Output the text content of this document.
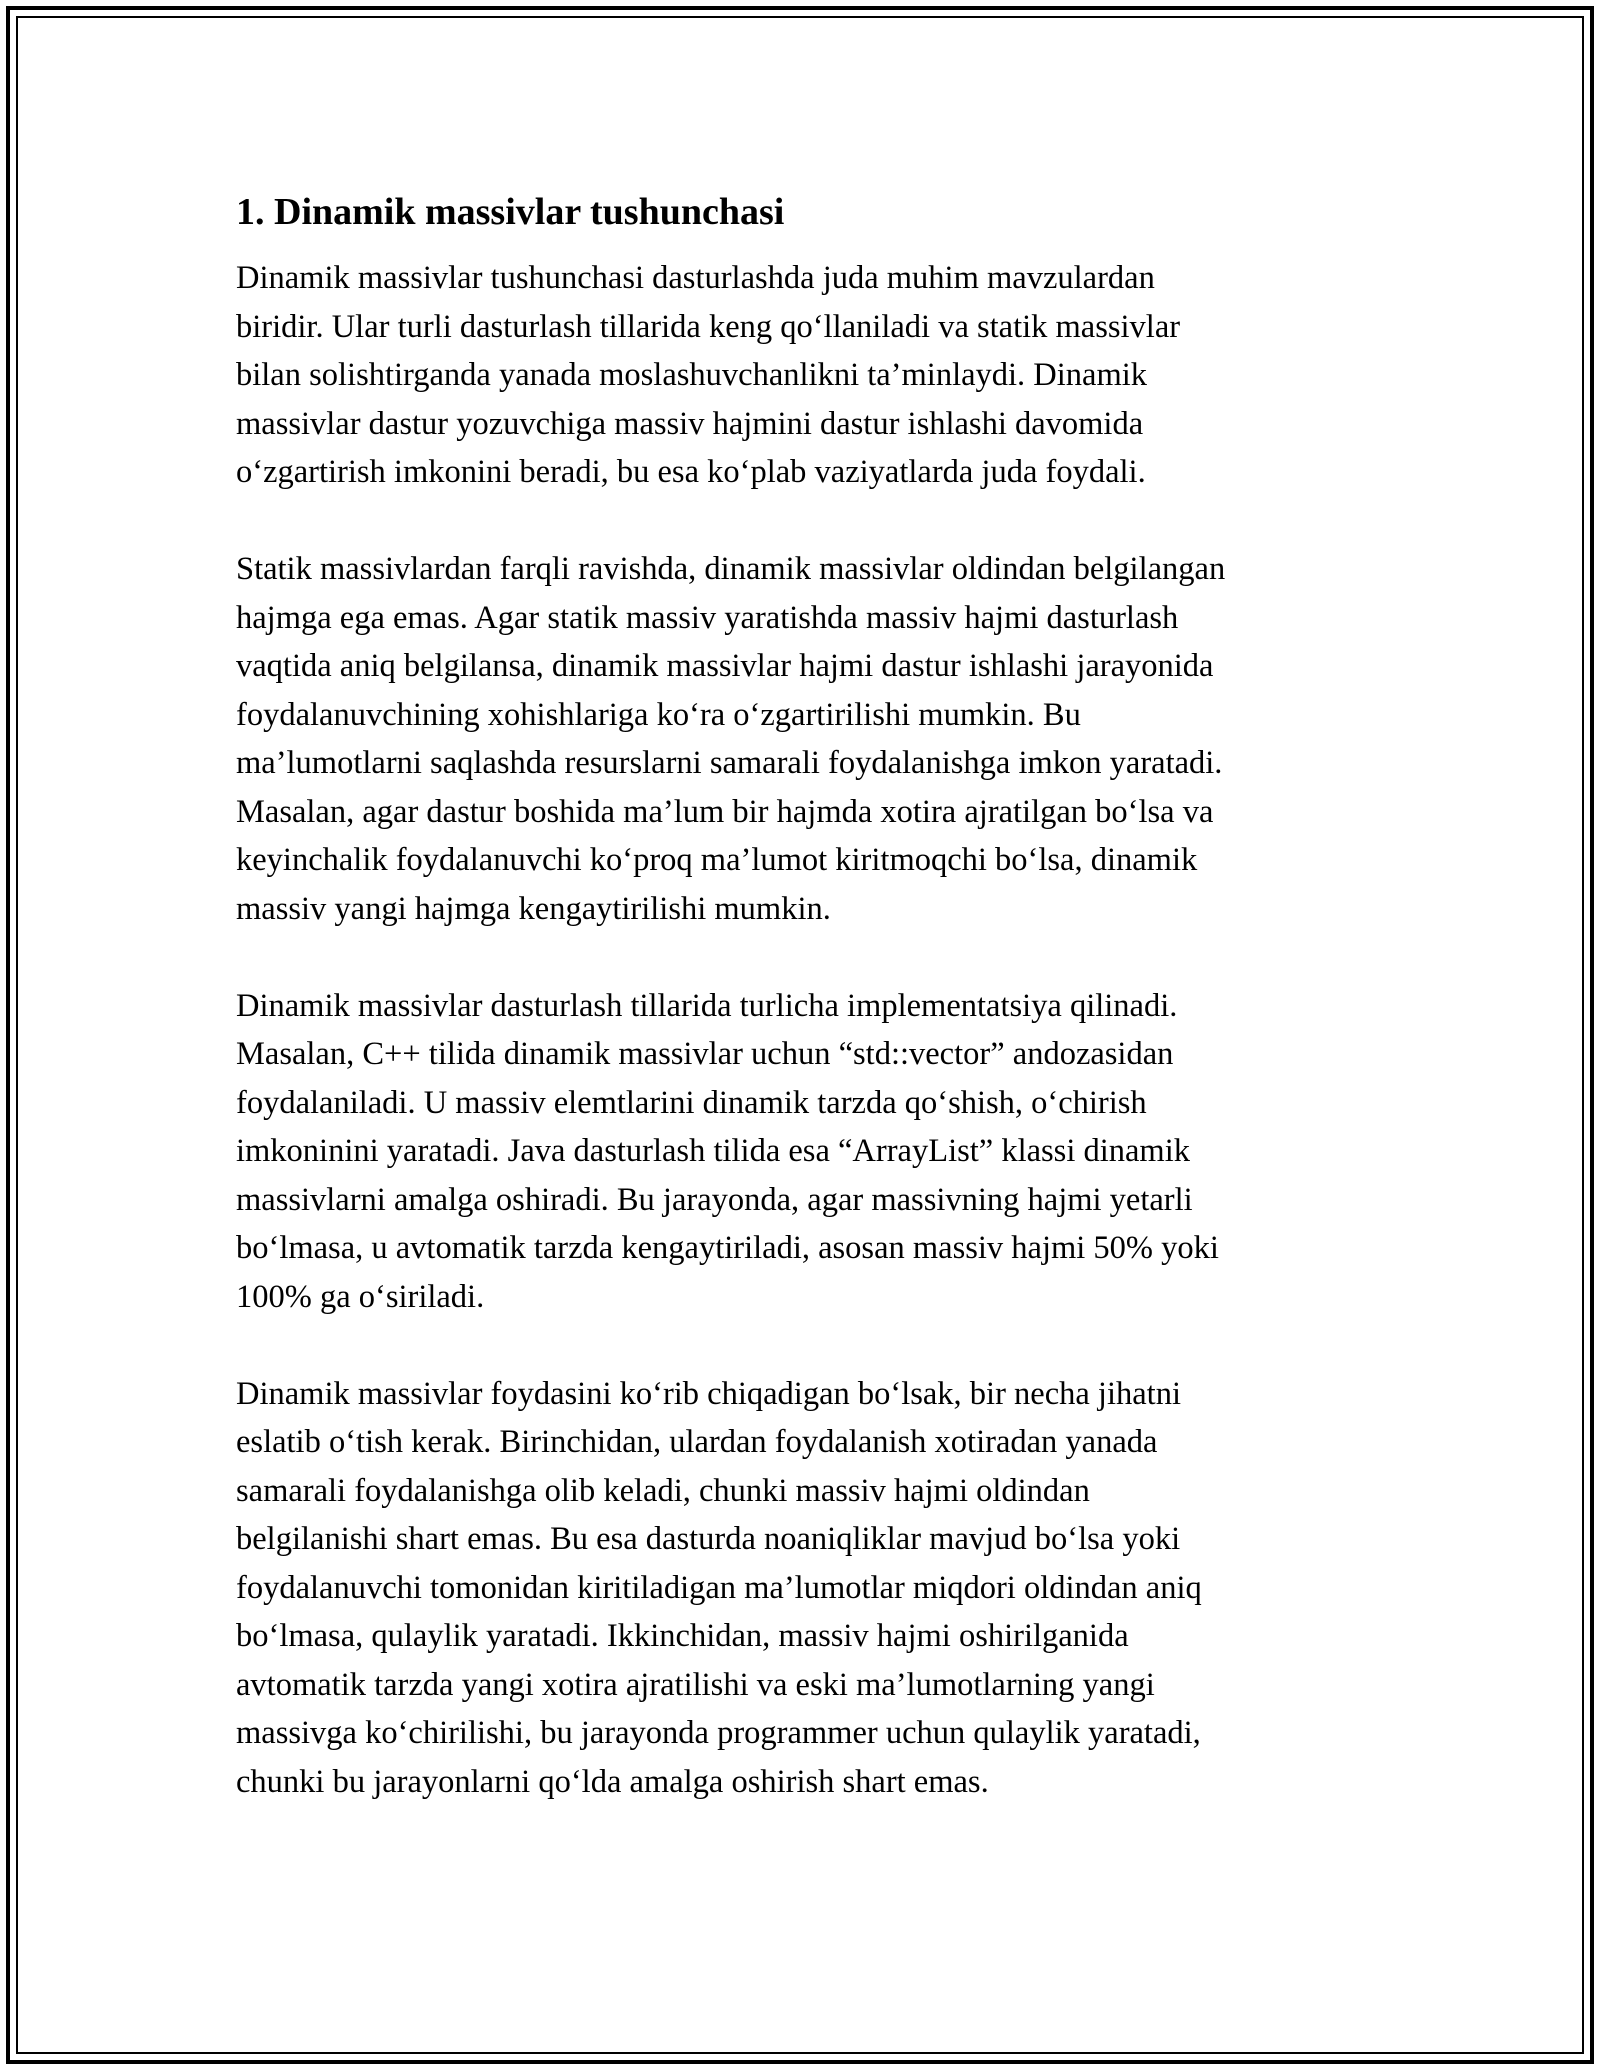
1. Dinamik massivlar tushunchasi

Dinamik massivlar tushunchasi dasturlashda juda muhim mavzulardan
biridir. Ular turli dasturlash tillarida keng qo‘llaniladi va statik massivlar
bilan solishtirganda yanada moslashuvchanlikni ta’minlaydi. Dinamik
massivlar dastur yozuvchiga massiv hajmini dastur ishlashi davomida
o‘zgartirish imkonini beradi, bu esa ko‘plab vaziyatlarda juda foydali.

Statik massivlardan farqli ravishda, dinamik massivlar oldindan belgilangan
hajmga ega emas. Agar statik massiv yaratishda massiv hajmi dasturlash
vaqtida aniq belgilansa, dinamik massivlar hajmi dastur ishlashi jarayonida
foydalanuvchining xohishlariga ko‘ra o‘zgartirilishi mumkin. Bu
ma’lumotlarni saqlashda resurslarni samarali foydalanishga imkon yaratadi.
Masalan, agar dastur boshida ma’lum bir hajmda xotira ajratilgan bo‘lsa va
keyinchalik foydalanuvchi ko‘proq ma’lumot kiritmoqchi bo‘lsa, dinamik
massiv yangi hajmga kengaytirilishi mumkin.

Dinamik massivlar dasturlash tillarida turlicha implementatsiya qilinadi.
Masalan, C++ tilida dinamik massivlar uchun “std::vector” andozasidan
foydalaniladi. U massiv elemtlarini dinamik tarzda qo‘shish, o‘chirish
imkoninini yaratadi. Java dasturlash tilida esa “ArrayList” klassi dinamik
massivlarni amalga oshiradi. Bu jarayonda, agar massivning hajmi yetarli
bo‘lmasa, u avtomatik tarzda kengaytiriladi, asosan massiv hajmi 50% yoki
100% ga o‘siriladi.

Dinamik massivlar foydasini ko‘rib chiqadigan bo‘lsak, bir necha jihatni
eslatib o‘tish kerak. Birinchidan, ulardan foydalanish xotiradan yanada
samarali foydalanishga olib keladi, chunki massiv hajmi oldindan
belgilanishi shart emas. Bu esa dasturda noaniqliklar mavjud bo‘lsa yoki
foydalanuvchi tomonidan kiritiladigan ma’lumotlar miqdori oldindan aniq
bo‘lmasa, qulaylik yaratadi. Ikkinchidan, massiv hajmi oshirilganida
avtomatik tarzda yangi xotira ajratilishi va eski ma’lumotlarning yangi
massivga ko‘chirilishi, bu jarayonda programmer uchun qulaylik yaratadi,
chunki bu jarayonlarni qo‘lda amalga oshirish shart emas.
